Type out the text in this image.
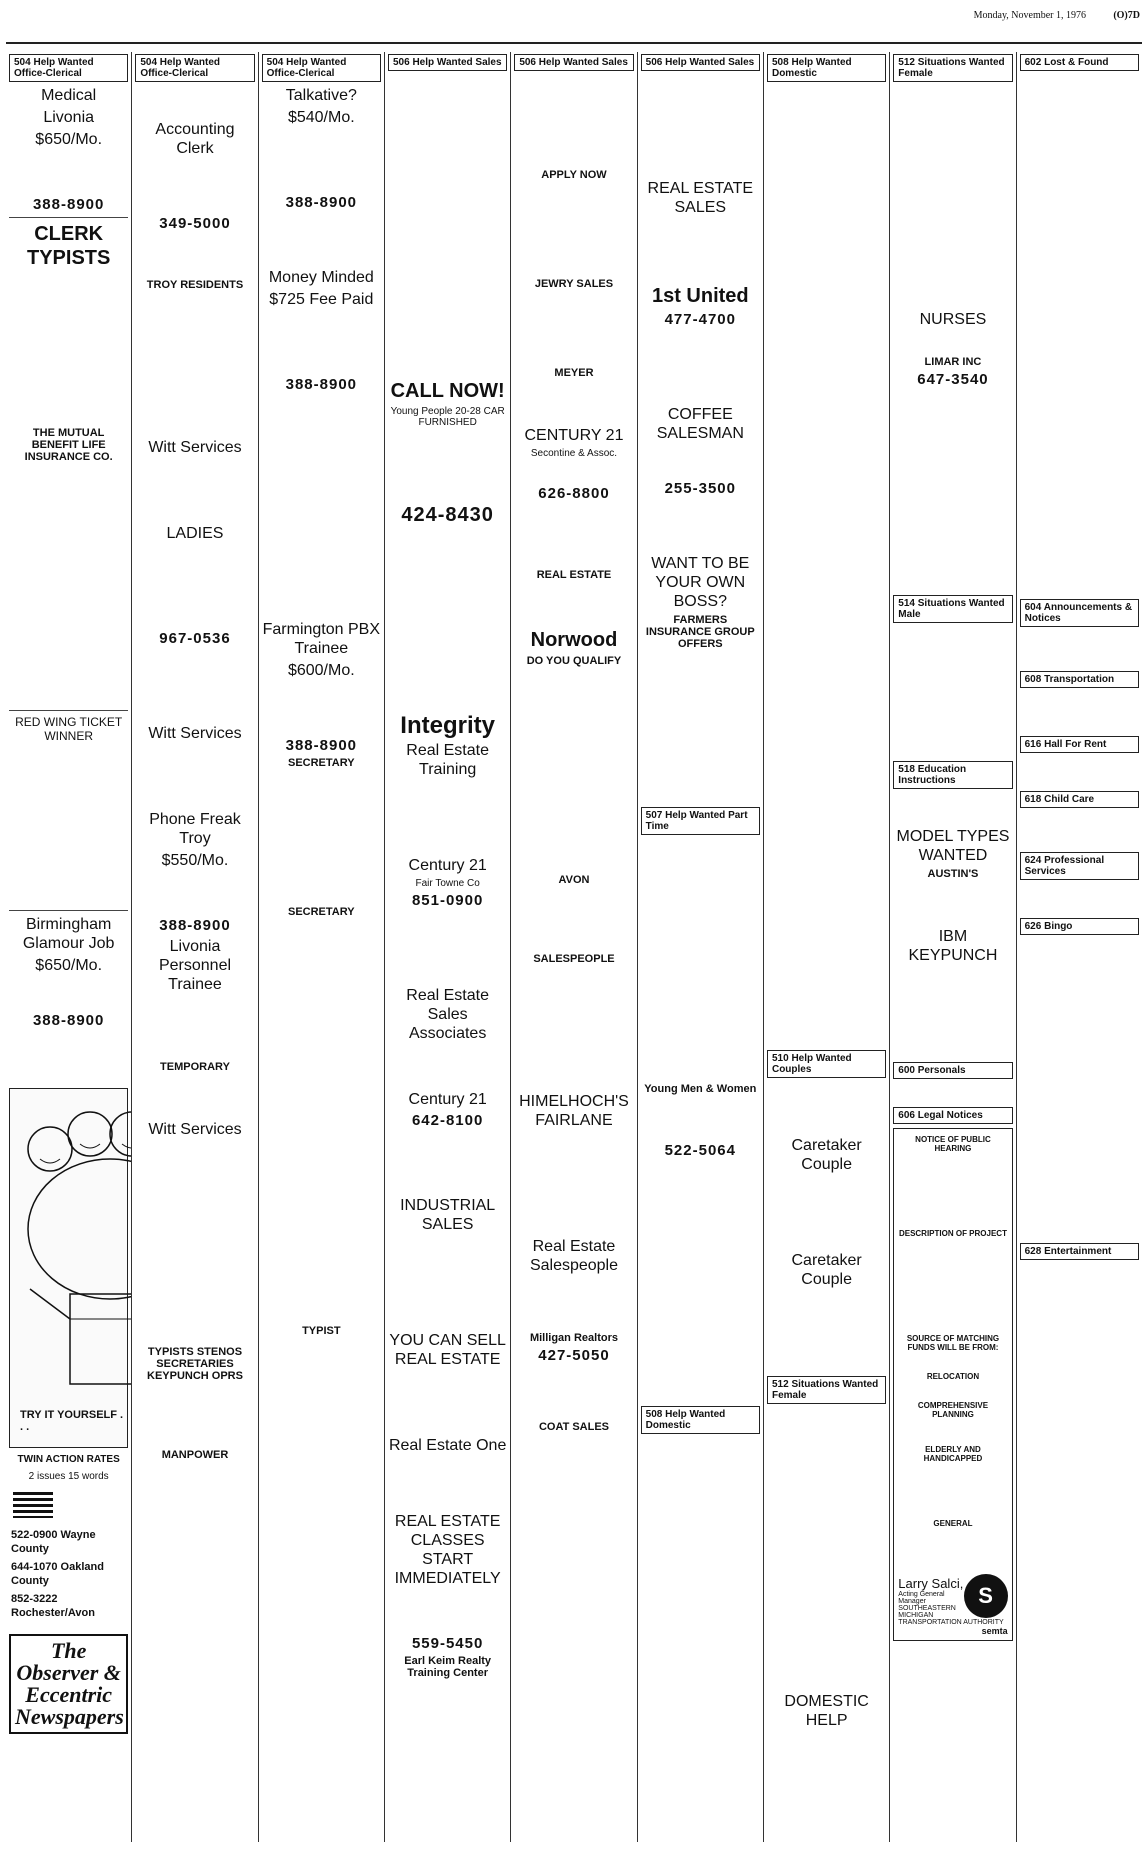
Monday, November 1, 1976	(O)7D
504 Help Wanted Office-Clerical
Medical
Livonia
$650/Mo.
388-8900
CLERK TYPISTS
THE MUTUAL BENEFIT LIFE INSURANCE CO.
RED WING TICKET WINNER
Birmingham Glamour Job
$650/Mo.
388-8900
TRY IT YOURSELF . . .
TWIN ACTION RATES
2 issues 15 words
522-0900 Wayne County
644-1070 Oakland County
852-3222 Rochester/Avon
The Observer & Eccentric Newspapers
504 Help Wanted Office-Clerical
Accounting Clerk
349-5000
TROY RESIDENTS
Witt Services
LADIES
967-0536
Witt Services
Phone Freak Troy
$550/Mo.
388-8900
Livonia Personnel Trainee
TEMPORARY
Witt Services
TYPISTS STENOS SECRETARIES KEYPUNCH OPRS
MANPOWER
504 Help Wanted Office-Clerical
Talkative?
$540/Mo.
388-8900
Money Minded
$725 Fee Paid
388-8900
Farmington PBX Trainee
$600/Mo.
388-8900
SECRETARY
SECRETARY
TYPIST
506 Help Wanted Sales
CALL NOW!
Young People 20-28 CAR FURNISHED
424-8430
Integrity
Real Estate Training
Century 21
Fair Towne Co
851-0900
Real Estate Sales Associates
Century 21
642-8100
INDUSTRIAL SALES
YOU CAN SELL REAL ESTATE
Real Estate One
REAL ESTATE CLASSES START IMMEDIATELY
559-5450
Earl Keim Realty Training Center
506 Help Wanted Sales
APPLY NOW
JEWRY SALES
MEYER
CENTURY 21
Secontine & Assoc.
626-8800
REAL ESTATE
Norwood
DO YOU QUALIFY
AVON
SALESPEOPLE
HIMELHOCH'S FAIRLANE
Real Estate Salespeople
Milligan Realtors
427-5050
COAT SALES
506 Help Wanted Sales
REAL ESTATE SALES
1st United
477-4700
COFFEE SALESMAN
255-3500
WANT TO BE YOUR OWN BOSS?
FARMERS INSURANCE GROUP OFFERS
507 Help Wanted Part Time
Young Men & Women
522-5064
508 Help Wanted Domestic
508 Help Wanted Domestic
510 Help Wanted Couples
Caretaker Couple
Caretaker Couple
512 Situations Wanted Female
DOMESTIC HELP
512 Situations Wanted Female
NURSES
LIMAR INC
647-3540
514 Situations Wanted Male
518 Education Instructions
MODEL TYPES WANTED
AUSTIN'S
IBM KEYPUNCH
600 Personals
606 Legal Notices
NOTICE OF PUBLIC HEARING
DESCRIPTION OF PROJECT
SOURCE OF MATCHING FUNDS WILL BE FROM:
RELOCATION
COMPREHENSIVE PLANNING
ELDERLY AND HANDICAPPED
GENERAL
S
Larry Salci,
Acting General Manager
SOUTHEASTERN MICHIGAN TRANSPORTATION AUTHORITY
semta
602 Lost & Found
604 Announcements & Notices
608 Transportation
616 Hall For Rent
618 Child Care
624 Professional Services
626 Bingo
628 Entertainment
